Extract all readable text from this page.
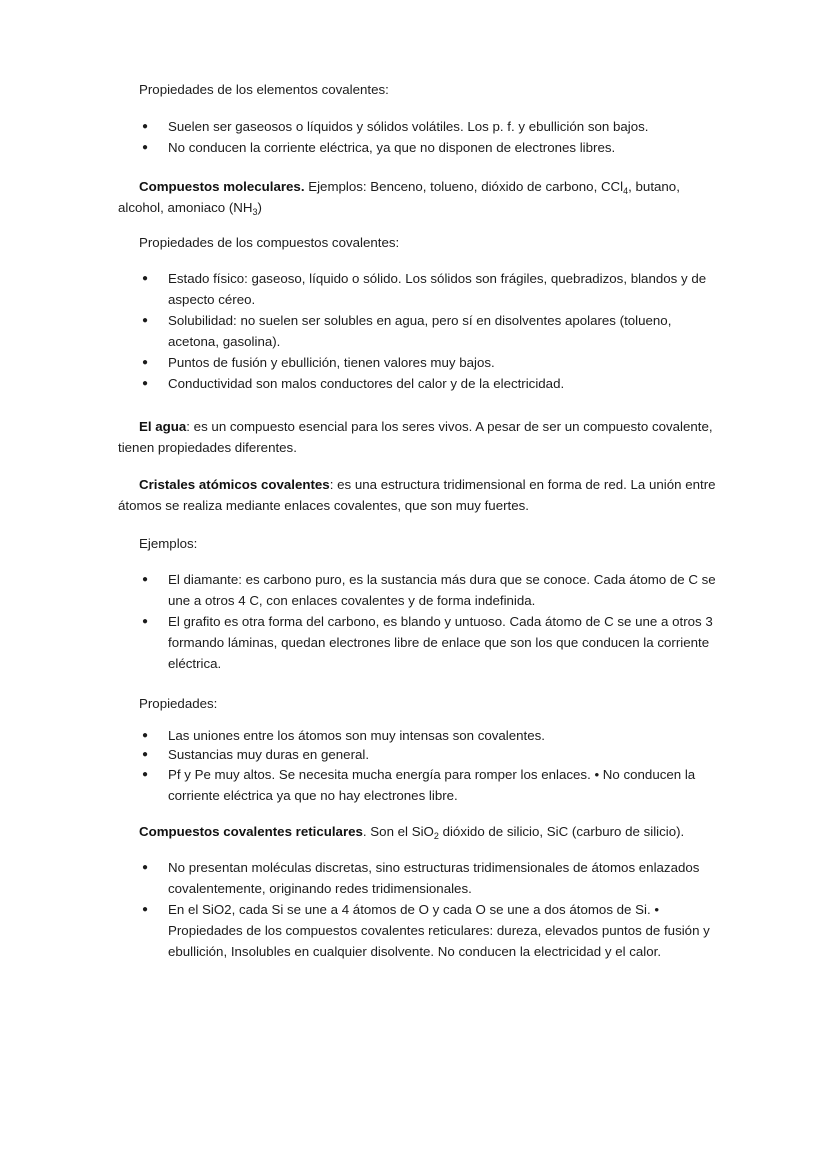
Propiedades de los elementos covalentes:

● Suelen ser gaseosos o líquidos y sólidos volátiles. Los p. f. y ebullición son bajos.
● No conducen la corriente eléctrica, ya que no disponen de electrones libres.

Compuestos moleculares. Ejemplos: Benceno, tolueno, dióxido de carbono, CCl$_4$, butano, alcohol, amoniaco $(NH_3)$

Propiedades de los compuestos covalentes:

● Estado físico: gaseoso, líquido o sólido. Los sólidos son frágiles, quebradizos, blandos y de aspecto céreo.
● Solubilidad: no suelen ser solubles en agua, pero sí en disolventes apolares (tolueno, acetona, gasolina).
● Puntos de fusión y ebullición, tienen valores muy bajos.
● Conductividad son malos conductores del calor y de la electricidad.

El agua: es un compuesto esencial para los seres vivos. A pesar de ser un compuesto covalente, tienen propiedades diferentes.

Cristales atómicos covalentes: es una estructura tridimensional en forma de red. La unión entre átomos se realiza mediante enlaces covalentes, que son muy fuertes.

Ejemplos:

● El diamante: es carbono puro, es la sustancia más dura que se conoce. Cada átomo de C se une a otros 4 C, con enlaces covalentes y de forma indefinida.
● El grafito es otra forma del carbono, es blando y untuoso. Cada átomo de C se une a otros 3 formando láminas, quedan electrones libre de enlace que son los que conducen la corriente eléctrica.

Propiedades:

● Las uniones entre los átomos son muy intensas son covalentes.
● Sustancias muy duras en general.
● Pf y Pe muy altos. Se necesita mucha energía para romper los enlaces. • No conducen la corriente eléctrica ya que no hay electrones libre.

Compuestos covalentes reticulares. Son el SiO$_2$ dióxido de silicio, SiC (carburo de silicio).

● No presentan moléculas discretas, sino estructuras tridimensionales de átomos enlazados covalentemente, originando redes tridimensionales.
● En el SiO2, cada Si se une a 4 átomos de O y cada O se une a dos átomos de Si. • Propiedades de los compuestos covalentes reticulares: dureza, elevados puntos de fusión y ebullición, Insolubles en cualquier disolvente. No conducen la electricidad y el calor.
